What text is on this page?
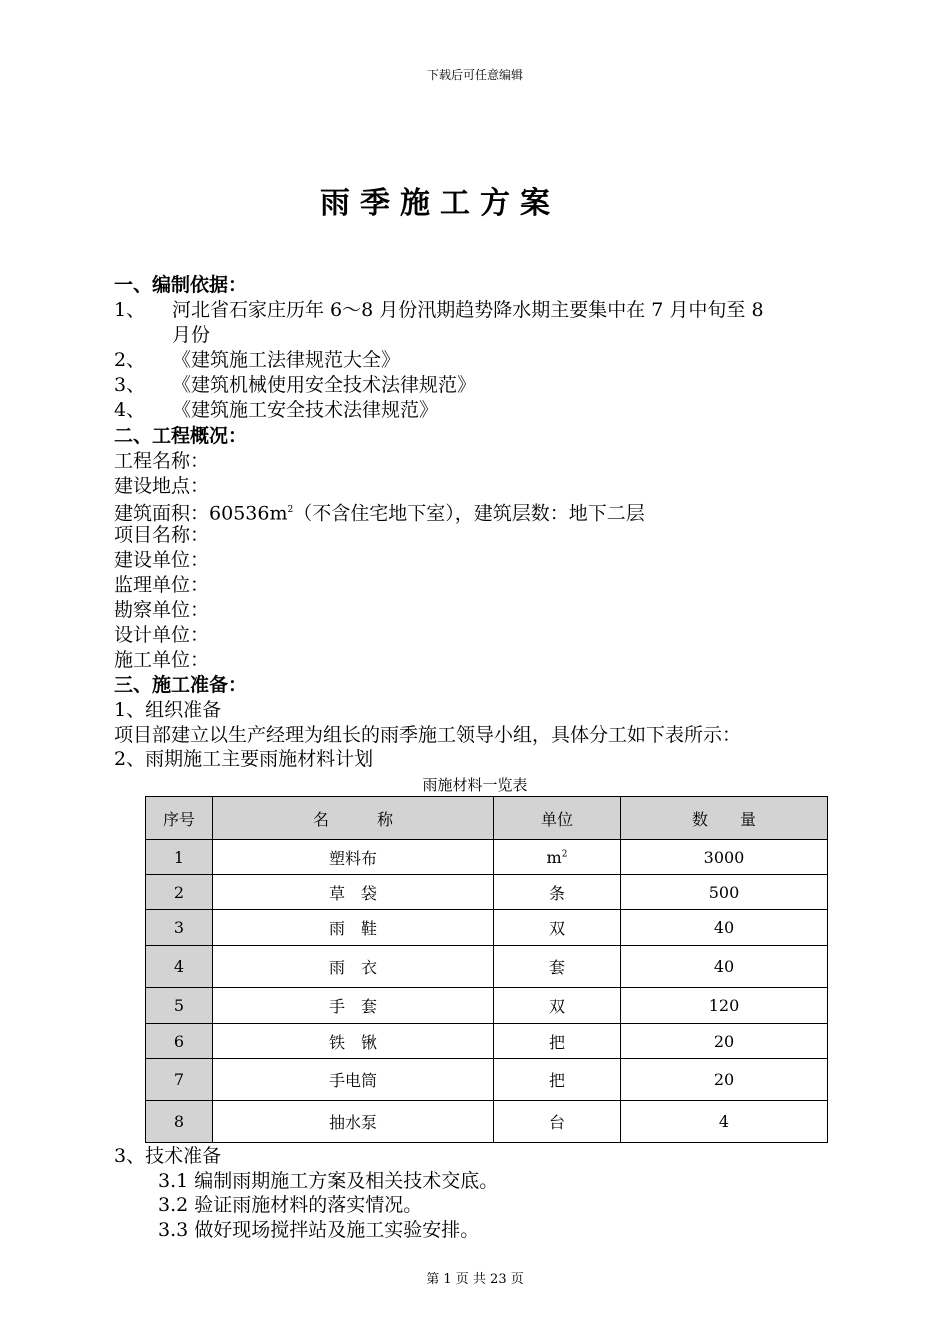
下载后可任意编辑
雨季施工方案
一、编制依据：
1、 河北省石家庄历年 6～8 月份汛期趋势降水期主要集中在 7 月中旬至 8
月份
2、 《建筑施工法律规范大全》
3、 《建筑机械使用安全技术法律规范》
4、 《建筑施工安全技术法律规范》
二、工程概况：
工程名称：
建设地点：
建筑面积：$60536m^2$（不含住宅地下室），建筑层数：地下二层
项目名称：
建设单位：
监理单位：
勘察单位：
设计单位：
施工单位：
三、施工准备：
1、组织准备
项目部建立以生产经理为组长的雨季施工领导小组，具体分工如下表所示：
2、雨期施工主要雨施材料计划
雨施材料一览表
序号	名　　　称	单位	数　　量
1	塑料布	$m^2$	3000
2	草　袋	条	500
3	雨　鞋	双	40
4	雨　衣	套	40
5	手　套	双	120
6	铁　锹	把	20
7	手电筒	把	20
8	抽水泵	台	4
3、技术准备
3.1 编制雨期施工方案及相关技术交底。
3.2 验证雨施材料的落实情况。
3.3 做好现场搅拌站及施工实验安排。
第 1 页 共 23 页
